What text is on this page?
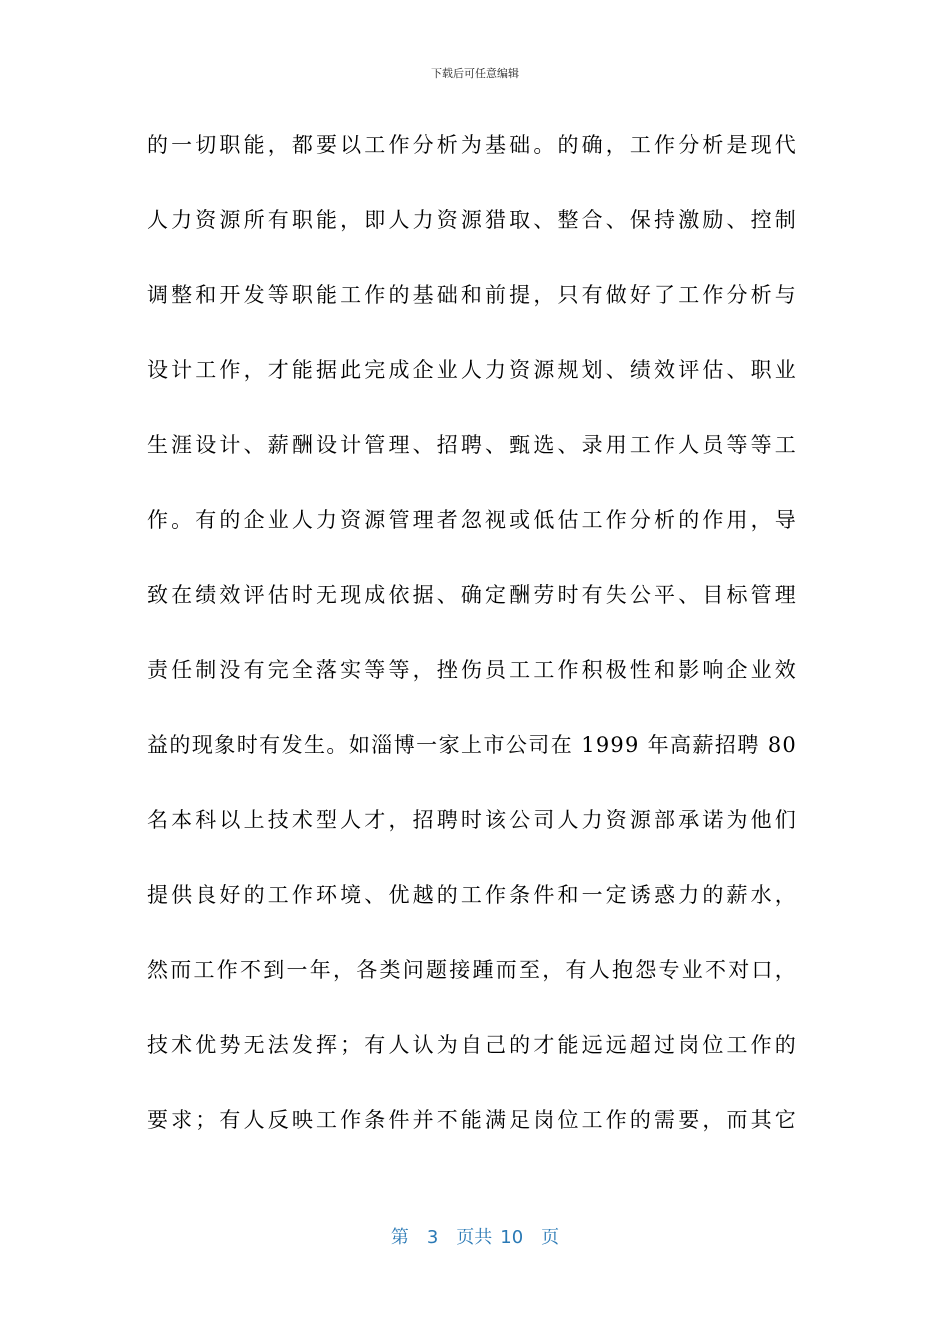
下载后可任意编辑
的一切职能，都要以工作分析为基础。的确，工作分析是现代
人力资源所有职能，即人力资源猎取、整合、保持激励、控制
调整和开发等职能工作的基础和前提，只有做好了工作分析与
设计工作，才能据此完成企业人力资源规划、绩效评估、职业
生涯设计、薪酬设计管理、招聘、甄选、录用工作人员等等工
作。有的企业人力资源管理者忽视或低估工作分析的作用，导
致在绩效评估时无现成依据、确定酬劳时有失公平、目标管理
责任制没有完全落实等等，挫伤员工工作积极性和影响企业效
益的现象时有发生。如淄博一家上市公司在 1999 年高薪招聘 80
名本科以上技术型人才，招聘时该公司人力资源部承诺为他们
提供良好的工作环境、优越的工作条件和一定诱惑力的薪水，
然而工作不到一年，各类问题接踵而至，有人抱怨专业不对口，
技术优势无法发挥；有人认为自己的才能远远超过岗位工作的
要求；有人反映工作条件并不能满足岗位工作的需要，而其它
第 3 页共 10 页
